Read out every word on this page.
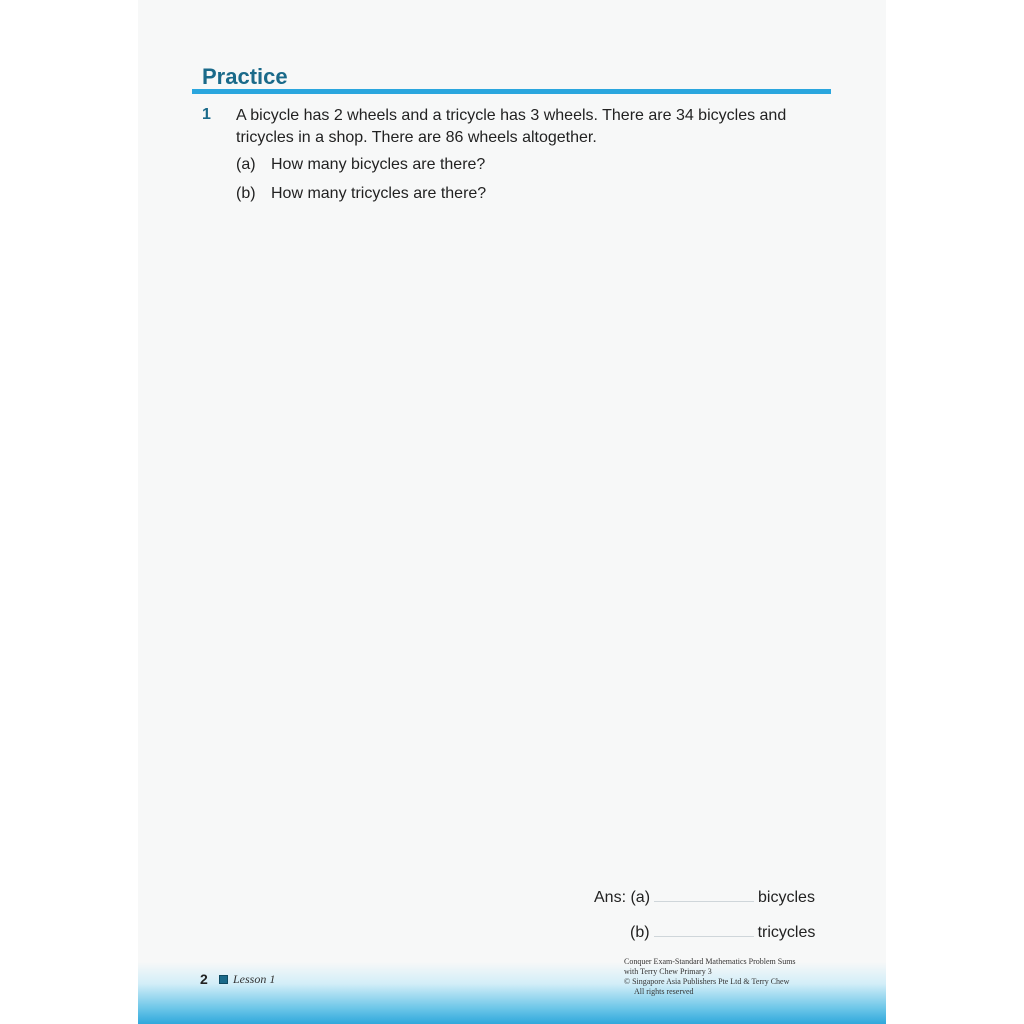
Practice
1 A bicycle has 2 wheels and a tricycle has 3 wheels. There are 34 bicycles and tricycles in a shop. There are 86 wheels altogether.
(a) How many bicycles are there?
(b) How many tricycles are there?
Ans:
(a)	bicycles
(b)	tricycles
2 Lesson 1
Conquer Exam-Standard Mathematics Problem Sums
with Terry Chew Primary 3
© Singapore Asia Publishers Pte Ltd & Terry Chew
All rights reserved
